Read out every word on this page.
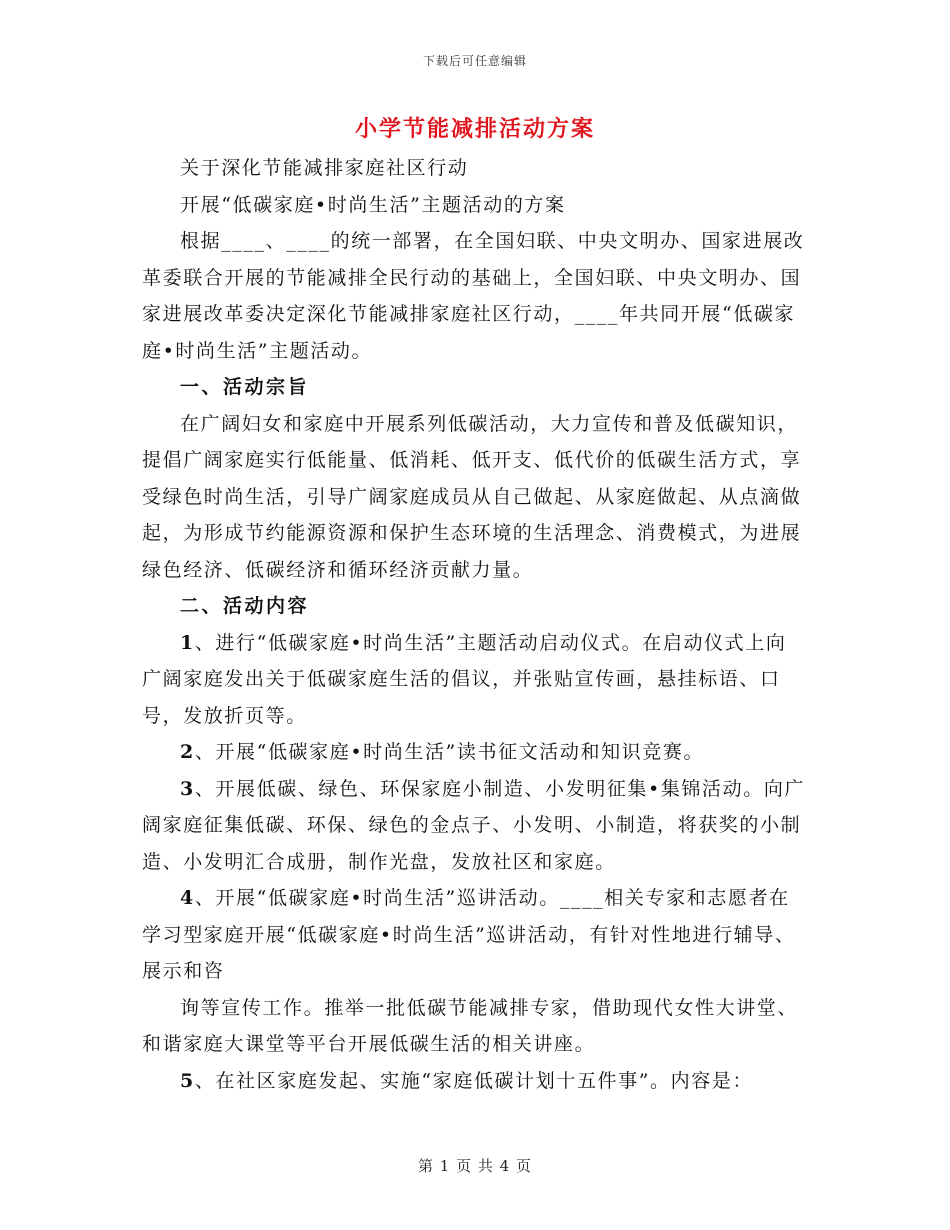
下载后可任意编辑
小学节能减排活动方案

关于深化节能减排家庭社区行动

开展“低碳家庭•时尚生活”主题活动的方案

根据____、____的统一部署，在全国妇联、中央文明办、国家进展改革委联合开展的节能减排全民行动的基础上，全国妇联、中央文明办、国家进展改革委决定深化节能减排家庭社区行动，____年共同开展“低碳家庭•时尚生活”主题活动。

一、活动宗旨

在广阔妇女和家庭中开展系列低碳活动，大力宣传和普及低碳知识，提倡广阔家庭实行低能量、低消耗、低开支、低代价的低碳生活方式，享受绿色时尚生活，引导广阔家庭成员从自己做起、从家庭做起、从点滴做起，为形成节约能源资源和保护生态环境的生活理念、消费模式，为进展绿色经济、低碳经济和循环经济贡献力量。

二、活动内容

1、进行“低碳家庭•时尚生活”主题活动启动仪式。在启动仪式上向广阔家庭发出关于低碳家庭生活的倡议，并张贴宣传画，悬挂标语、口号，发放折页等。

2、开展“低碳家庭•时尚生活”读书征文活动和知识竞赛。

3、开展低碳、绿色、环保家庭小制造、小发明征集•集锦活动。向广阔家庭征集低碳、环保、绿色的金点子、小发明、小制造，将获奖的小制造、小发明汇合成册，制作光盘，发放社区和家庭。

4、开展“低碳家庭•时尚生活”巡讲活动。____相关专家和志愿者在学习型家庭开展“低碳家庭•时尚生活”巡讲活动，有针对性地进行辅导、展示和咨

询等宣传工作。推举一批低碳节能减排专家，借助现代女性大讲堂、和谐家庭大课堂等平台开展低碳生活的相关讲座。

5、在社区家庭发起、实施“家庭低碳计划十五件事”。内容是：

第 1 页 共 4 页
